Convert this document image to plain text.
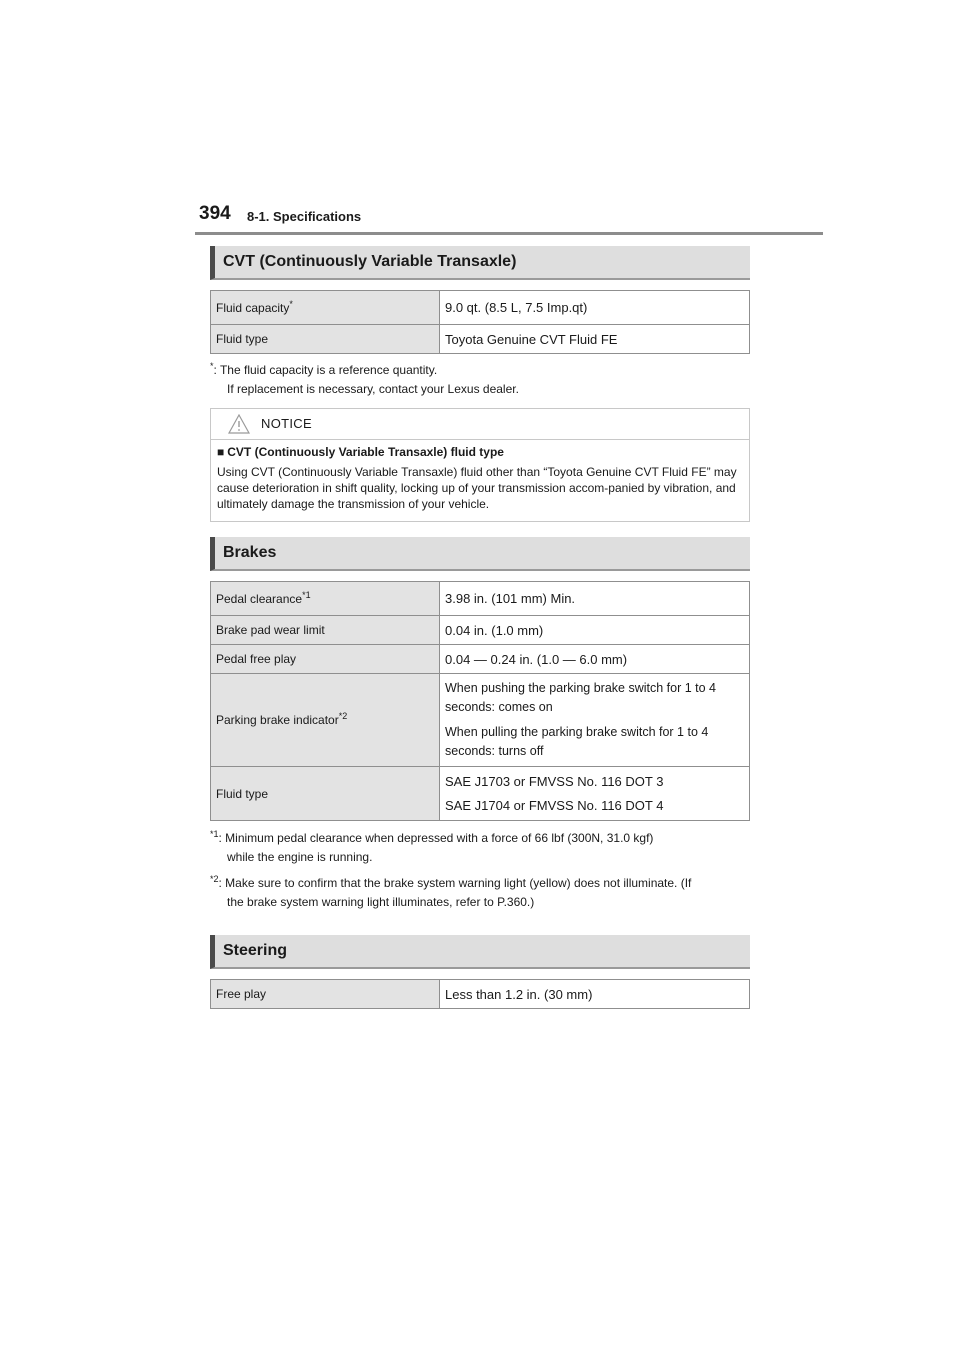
394 8-1. Specifications
CVT (Continuously Variable Transaxle)
Fluid capacity*	9.0 qt. (8.5 L, 7.5 Imp.qt)
Fluid type	Toyota Genuine CVT Fluid FE
*: The fluid capacity is a reference quantity.
If replacement is necessary, contact your Lexus dealer.
NOTICE
■ CVT (Continuously Variable Transaxle) fluid type
Using CVT (Continuously Variable Transaxle) fluid other than “Toyota Genuine CVT Fluid FE” may cause deterioration in shift quality, locking up of your transmission accom-panied by vibration, and ultimately damage the transmission of your vehicle.
Brakes
Pedal clearance$^{*1}$	3.98 in. (101 mm) Min.
Brake pad wear limit	0.04 in. (1.0 mm)
Pedal free play	0.04 — 0.24 in. (1.0 — 6.0 mm)
Parking brake indicator$^{*2}$	When pushing the parking brake switch for 1 to 4 seconds: comes on
When pulling the parking brake switch for 1 to 4 seconds: turns off

Fluid type	SAE J1703 or FMVSS No. 116 DOT 3
SAE J1704 or FMVSS No. 116 DOT 4
$^{*1}$: Minimum pedal clearance when depressed with a force of 66 lbf (300N, 31.0 kgf)
while the engine is running.
$^{*2}$: Make sure to confirm that the brake system warning light (yellow) does not illuminate. (If
the brake system warning light illuminates, refer to P.360.)
Steering
Free play	Less than 1.2 in. (30 mm)
